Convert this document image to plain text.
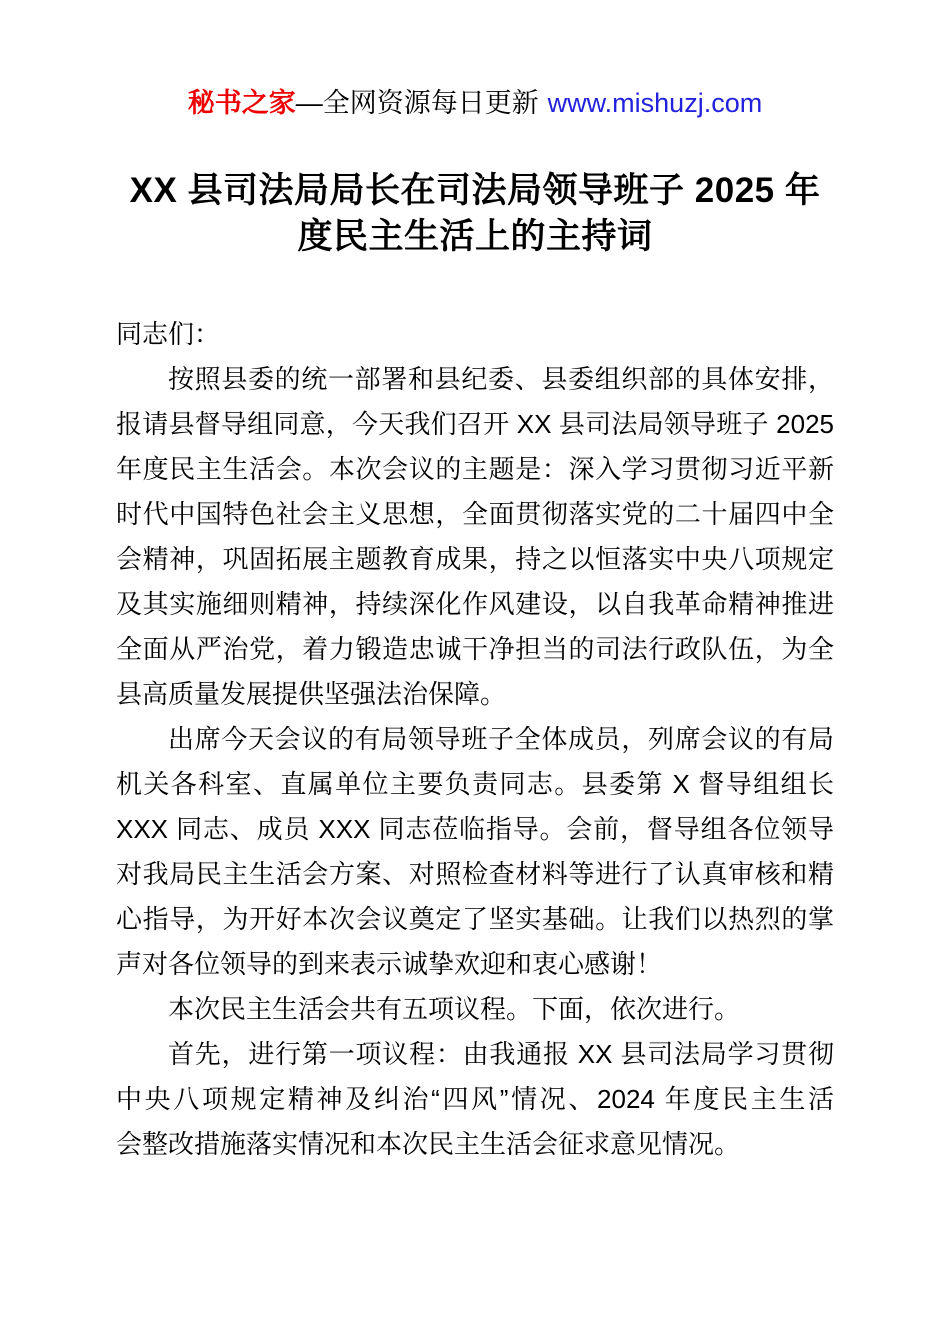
秘书之家—全网资源每日更新 www.mishuzj.com
XX 县司法局局长在司法局领导班子 2025 年度民主生活上的主持词
同志们：
按照县委的统一部署和县纪委、县委组织部的具体安排，
报请县督导组同意，今天我们召开 XX 县司法局领导班子 2025
年度民主生活会。本次会议的主题是：深入学习贯彻习近平新
时代中国特色社会主义思想，全面贯彻落实党的二十届四中全
会精神，巩固拓展主题教育成果，持之以恒落实中央八项规定
及其实施细则精神，持续深化作风建设，以自我革命精神推进
全面从严治党，着力锻造忠诚干净担当的司法行政队伍，为全
县高质量发展提供坚强法治保障。
出席今天会议的有局领导班子全体成员，列席会议的有局
机关各科室、直属单位主要负责同志。县委第 X 督导组组长
XXX 同志、成员 XXX 同志莅临指导。会前，督导组各位领导
对我局民主生活会方案、对照检查材料等进行了认真审核和精
心指导，为开好本次会议奠定了坚实基础。让我们以热烈的掌
声对各位领导的到来表示诚挚欢迎和衷心感谢！
本次民主生活会共有五项议程。下面，依次进行。
首先，进行第一项议程：由我通报 XX 县司法局学习贯彻
中央八项规定精神及纠治“四风”情况、2024 年度民主生活
会整改措施落实情况和本次民主生活会征求意见情况。
